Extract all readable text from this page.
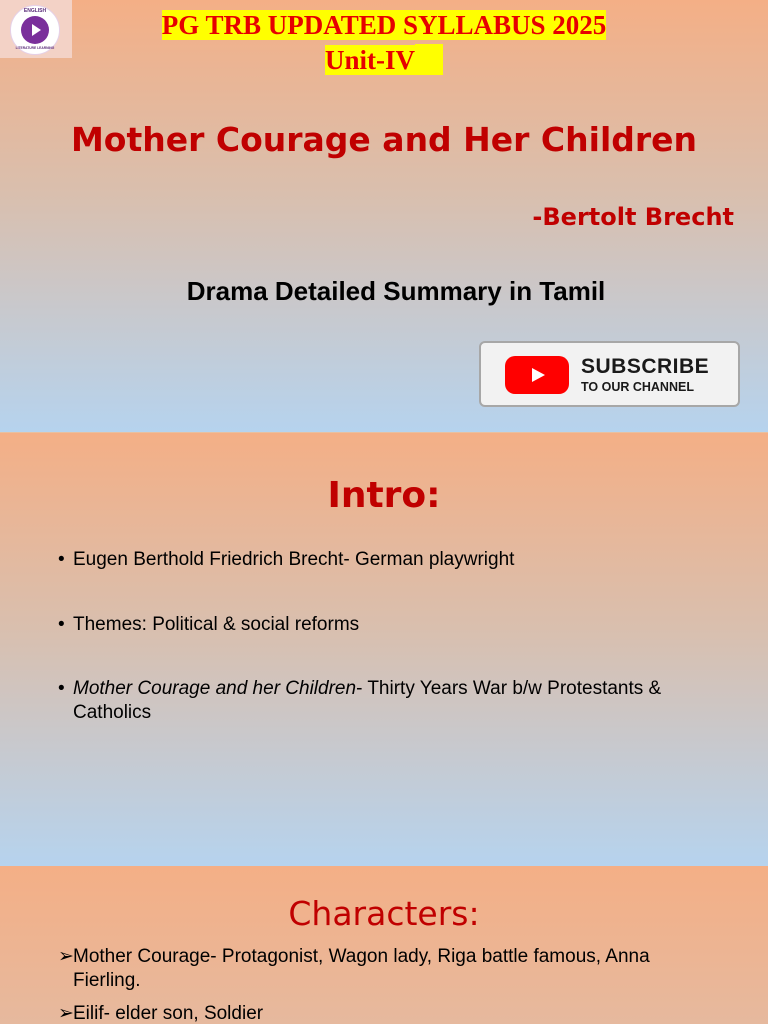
ENGLISH
LITERATURE LEARNING
PG TRB UPDATED SYLLABUS 2025
Unit-IV
Mother Courage and Her Children
-Bertolt Brecht
Drama Detailed Summary in Tamil
SUBSCRIBE
TO OUR CHANNEL
Intro:
• Eugen Berthold Friedrich Brecht- German playwright
• Themes: Political & social reforms
• Mother Courage and her Children- Thirty Years War b/w Protestants & Catholics
Characters:
➢ Mother Courage- Protagonist, Wagon lady, Riga battle famous, Anna Fierling.
➢ Eilif- elder son, Soldier
